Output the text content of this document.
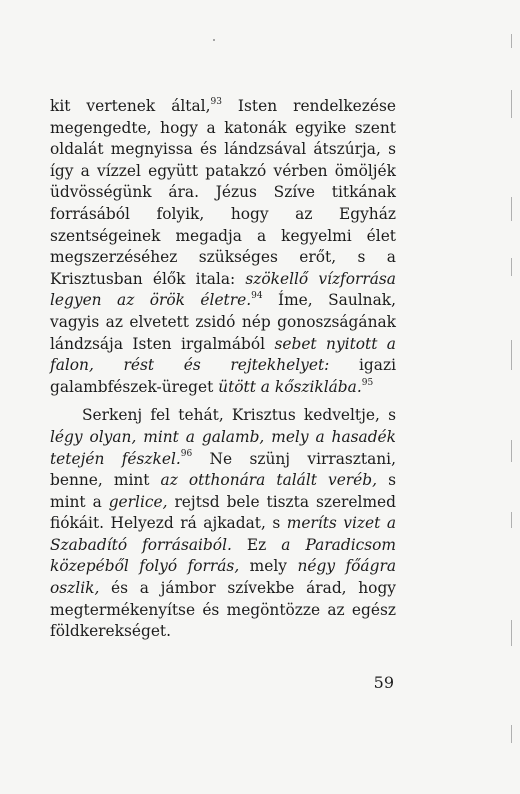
kit vertenek által,$^{93}$ Isten rendelkezése megengedte, hogy a katonák egyike szent oldalát megnyissa és lándzsával átszúrja, s így a vízzel együtt patakzó vérben ömöljék üdvösségünk ára. Jézus Szíve titkának forrásából folyik, hogy az Egyház szentségeinek megadja a kegyelmi élet megszerzéséhez szükséges erőt, s a Krisztusban élők itala: szökellő vízforrása legyen az örök életre.$^{94}$ Íme, Saulnak, vagyis az elvetett zsidó nép gonoszságának lándzsája Isten irgalmából sebet nyitott a falon, rést és rejtekhelyet: igazi galambfészek-üreget ütött a kősziklába.$^{95}$

Serkenj fel tehát, Krisztus kedveltje, s légy olyan, mint a galamb, mely a hasadék tetején fészkel.$^{96}$ Ne szünj virrasztani, benne, mint az otthonára talált veréb, s mint a gerlice, rejtsd bele tiszta szerelmed fiókáit. Helyezd rá ajkadat, s meríts vizet a Szabadító forrásaiból. Ez a Paradicsom közepéből folyó forrás, mely négy főágra oszlik, és a jámbor szívekbe árad, hogy megtermékenyítse és megöntözze az egész földkerekséget.

59
